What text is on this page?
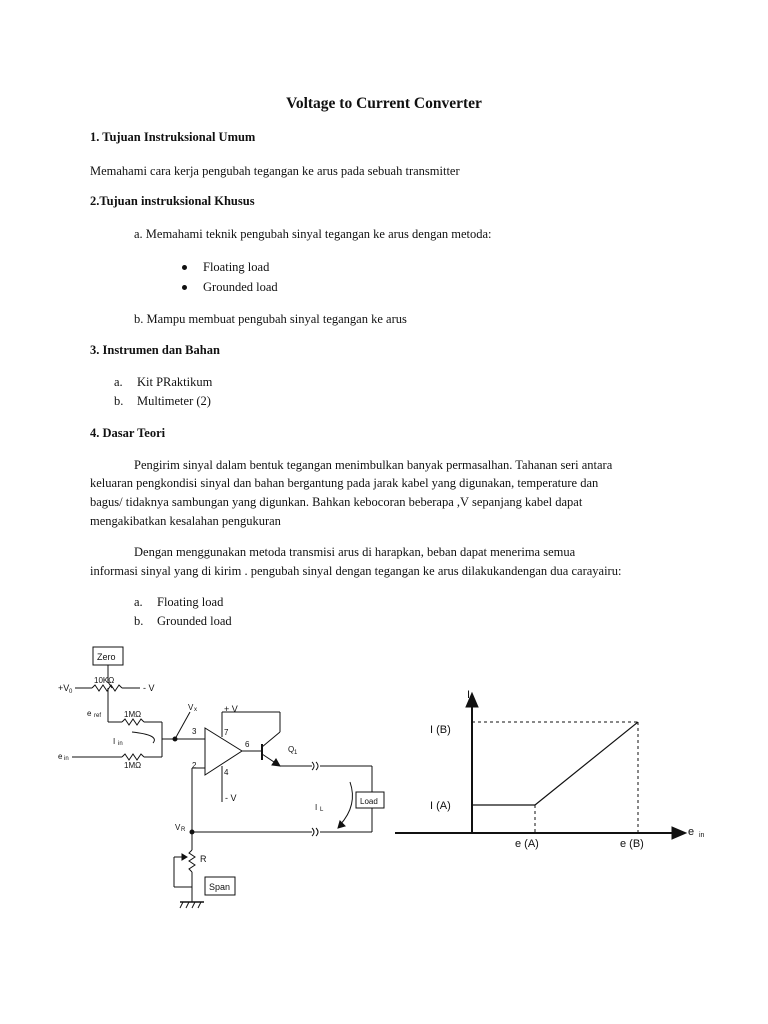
Voltage to Current Converter
1. Tujuan Instruksional Umum
Memahami cara kerja pengubah tegangan ke arus pada sebuah transmitter
2.Tujuan instruksional Khusus
a. Memahami teknik pengubah sinyal tegangan ke arus dengan metoda:
Floating load
Grounded load
b. Mampu membuat pengubah sinyal tegangan ke arus
3. Instrumen dan Bahan
a. Kit PRaktikum
b. Multimeter (2)
4. Dasar Teori
Pengirim sinyal dalam bentuk tegangan menimbulkan banyak permasalhan. Tahanan seri antara
keluaran pengkondisi sinyal dan bahan bergantung pada jarak kabel yang digunakan, temperature dan
bagus/ tidaknya sambungan yang digunkan. Bahkan kebocoran beberapa ,V sepanjang kabel dapat
mengakibatkan kesalahan pengukuran
Dengan menggunakan metoda transmisi arus di harapkan, beban dapat menerima semua
informasi sinyal yang di kirim . pengubah sinyal dengan tegangan ke arus dilakukandengan dua carayairu:
a. Floating load
b. Grounded load
Zero
+V 0
10KΩ
- V
e ref	1MΩ
e in
1MΩ
I in
V x
3
2
+ V
7
4
- V
6
Q 1
Load
I L
V R
R
Span
I
e in
I (B)
I (A)
e (A)	e (B)
